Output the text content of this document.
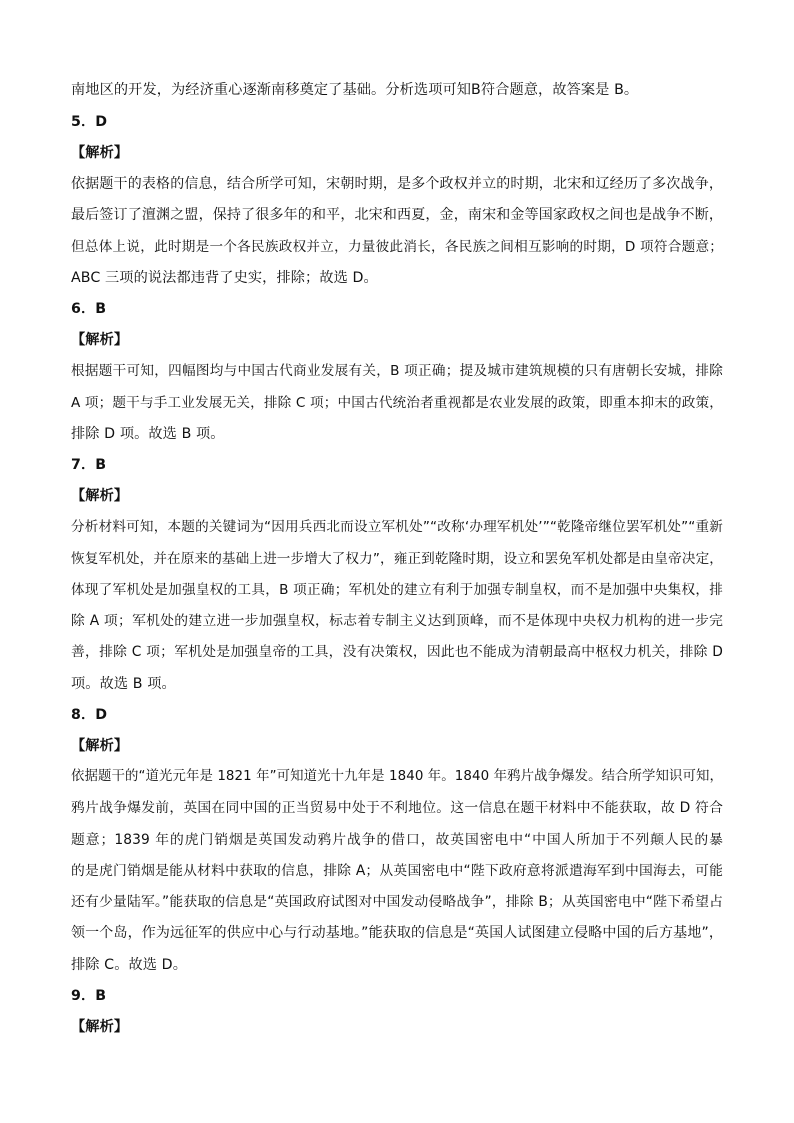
南地区的开发，为经济重心逐渐南移奠定了基础。分析选项可知B符合题意，故答案是 B。
5．D
【解析】
依据题干的表格的信息，结合所学可知，宋朝时期，是多个政权并立的时期，北宋和辽经历了多次战争，
最后签订了澶渊之盟，保持了很多年的和平，北宋和西夏，金，南宋和金等国家政权之间也是战争不断，
但总体上说，此时期是一个各民族政权并立，力量彼此消长，各民族之间相互影响的时期，D 项符合题意；
ABC 三项的说法都违背了史实，排除；故选 D。
6．B
【解析】
根据题干可知，四幅图均与中国古代商业发展有关，B 项正确；提及城市建筑规模的只有唐朝长安城，排除
A 项；题干与手工业发展无关，排除 C 项；中国古代统治者重视都是农业发展的政策，即重本抑末的政策，
排除 D 项。故选 B 项。
7．B
【解析】
分析材料可知，本题的关键词为“因用兵西北而设立军机处”“改称‘办理军机处’”“乾隆帝继位罢军机处”“重新
恢复军机处，并在原来的基础上进一步增大了权力”，雍正到乾隆时期，设立和罢免军机处都是由皇帝决定，
体现了军机处是加强皇权的工具，B 项正确；军机处的建立有利于加强专制皇权，而不是加强中央集权，排
除 A 项；军机处的建立进一步加强皇权，标志着专制主义达到顶峰，而不是体现中央权力机构的进一步完
善，排除 C 项；军机处是加强皇帝的工具，没有决策权，因此也不能成为清朝最高中枢权力机关，排除 D
项。故选 B 项。
8．D
【解析】
依据题干的“道光元年是 1821 年”可知道光十九年是 1840 年。1840 年鸦片战争爆发。结合所学知识可知，
鸦片战争爆发前，英国在同中国的正当贸易中处于不利地位。这一信息在题干材料中不能获取，故 D 符合
题意；1839 年的虎门销烟是英国发动鸦片战争的借口，故英国密电中“中国人所加于不列颠人民的暴
的是虎门销烟是能从材料中获取的信息，排除 A；从英国密电中“陛下政府意将派遣海军到中国海去，可能
还有少量陆军。”能获取的信息是“英国政府试图对中国发动侵略战争”，排除 B；从英国密电中“陛下希望占
领一个岛，作为远征军的供应中心与行动基地。”能获取的信息是“英国人试图建立侵略中国的后方基地”，
排除 C。故选 D。
9．B
【解析】
